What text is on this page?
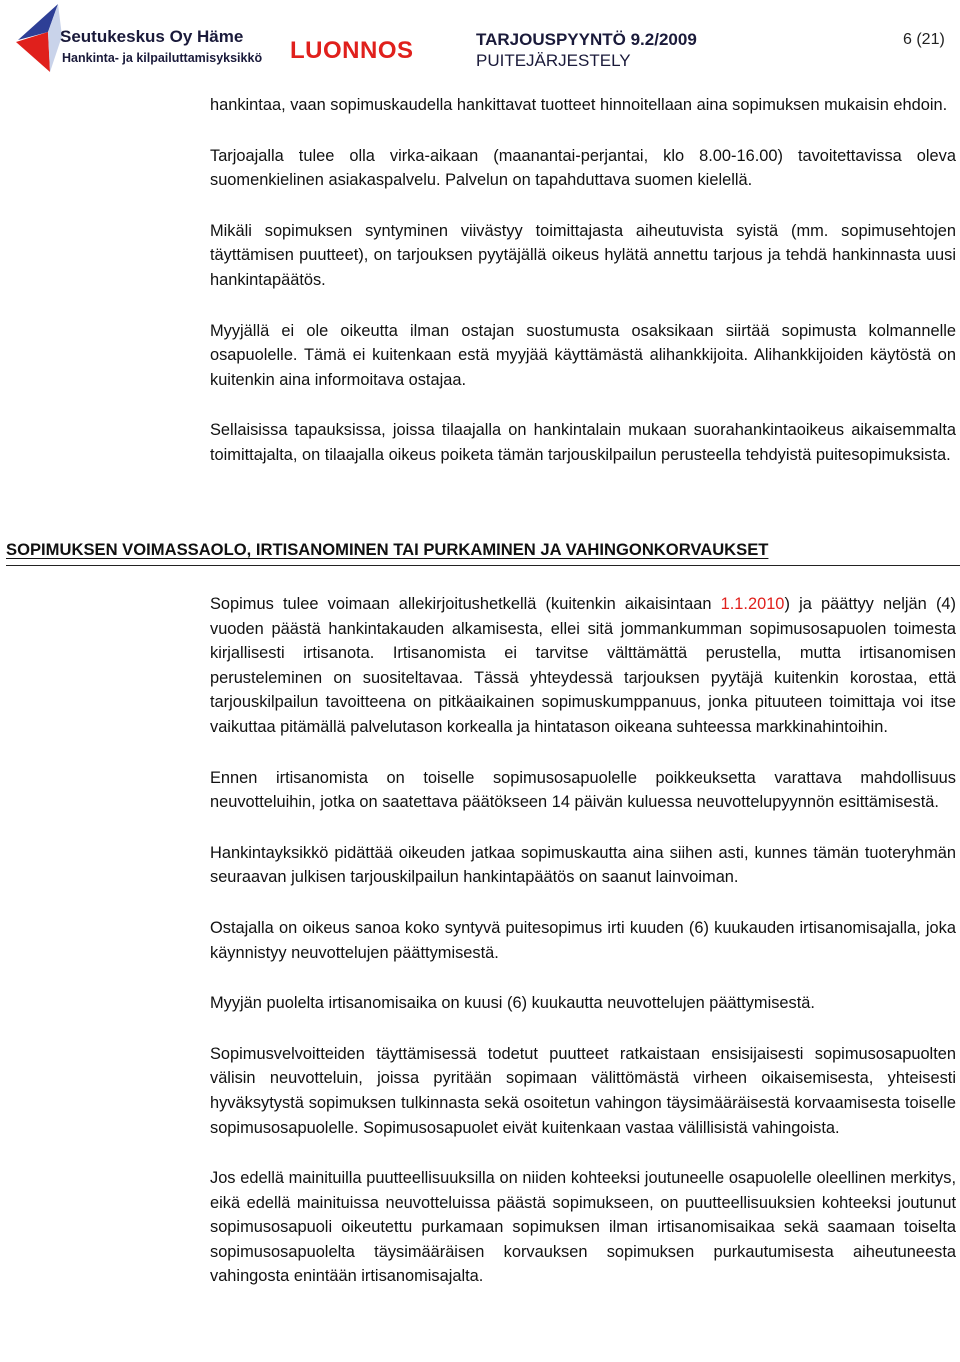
Seutukeskus Oy Häme
Hankinta- ja kilpailuttamisyksikkö LUONNOS	TARJOUSPYYNTÖ 9.2/2009
PUITEJÄRJESTELY
6 (21)

hankintaa, vaan sopimuskaudella hankittavat tuotteet hinnoitellaan aina sopimuksen mukaisin ehdoin.

Tarjoajalla tulee olla virka-aikaan (maanantai-perjantai, klo 8.00-16.00) tavoitettavissa oleva suomenkielinen asiakaspalvelu. Palvelun on tapahduttava suomen kielellä.

Mikäli sopimuksen syntyminen viivästyy toimittajasta aiheutuvista syistä (mm. sopimusehtojen täyttämisen puutteet), on tarjouksen pyytäjällä oikeus hylätä annettu tarjous ja tehdä hankinnasta uusi hankintapäätös.

Myyjällä ei ole oikeutta ilman ostajan suostumusta osaksikaan siirtää sopimusta kolmannelle osapuolelle. Tämä ei kuitenkaan estä myyjää käyttämästä alihankkijoita. Alihankkijoiden käytöstä on kuitenkin aina informoitava ostajaa.

Sellaisissa tapauksissa, joissa tilaajalla on hankintalain mukaan suorahankintaoikeus aikaisemmalta toimittajalta, on tilaajalla oikeus poiketa tämän tarjouskilpailun perusteella tehdyistä puitesopimuksista.

SOPIMUKSEN VOIMASSAOLO, IRTISANOMINEN TAI PURKAMINEN JA VAHINGONKORVAUKSET

Sopimus tulee voimaan allekirjoitushetkellä (kuitenkin aikaisintaan 1.1.2010) ja päättyy neljän (4) vuoden päästä hankintakauden alkamisesta, ellei sitä jommankumman sopimusosapuolen toimesta kirjallisesti irtisanota. Irtisanomista ei tarvitse välttämättä perustella, mutta irtisanomisen perusteleminen on suositeltavaa. Tässä yhteydessä tarjouksen pyytäjä kuitenkin korostaa, että tarjouskilpailun tavoitteena on pitkäaikainen sopimuskumppanuus, jonka pituuteen toimittaja voi itse vaikuttaa pitämällä palvelutason korkealla ja hintatason oikeana suhteessa markkinahintoihin.

Ennen irtisanomista on toiselle sopimusosapuolelle poikkeuksetta varattava mahdollisuus neuvotteluihin, jotka on saatettava päätökseen 14 päivän kuluessa neuvottelupyynnön esittämisestä.

Hankintayksikkö pidättää oikeuden jatkaa sopimuskautta aina siihen asti, kunnes tämän tuoteryhmän seuraavan julkisen tarjouskilpailun hankintapäätös on saanut lainvoiman.

Ostajalla on oikeus sanoa koko syntyvä puitesopimus irti kuuden (6) kuukauden irtisanomisajalla, joka käynnistyy neuvottelujen päättymisestä.

Myyjän puolelta irtisanomisaika on kuusi (6) kuukautta neuvottelujen päättymisestä.

Sopimusvelvoitteiden täyttämisessä todetut puutteet ratkaistaan ensisijaisesti sopimusosapuolten välisin neuvotteluin, joissa pyritään sopimaan välittömästä virheen oikaisemisesta, yhteisesti hyväksytystä sopimuksen tulkinnasta sekä osoitetun vahingon täysimääräisestä korvaamisesta toiselle sopimusosapuolelle. Sopimusosapuolet eivät kuitenkaan vastaa välillisistä vahingoista.

Jos edellä mainituilla puutteellisuuksilla on niiden kohteeksi joutuneelle osapuolelle oleellinen merkitys, eikä edellä mainituissa neuvotteluissa päästä sopimukseen, on puutteellisuuksien kohteeksi joutunut sopimusosapuoli oikeutettu purkamaan sopimuksen ilman irtisanomisaikaa sekä saamaan toiselta sopimusosapuolelta täysimääräisen korvauksen sopimuksen purkautumisesta aiheutuneesta vahingosta enintään irtisanomisajalta.
